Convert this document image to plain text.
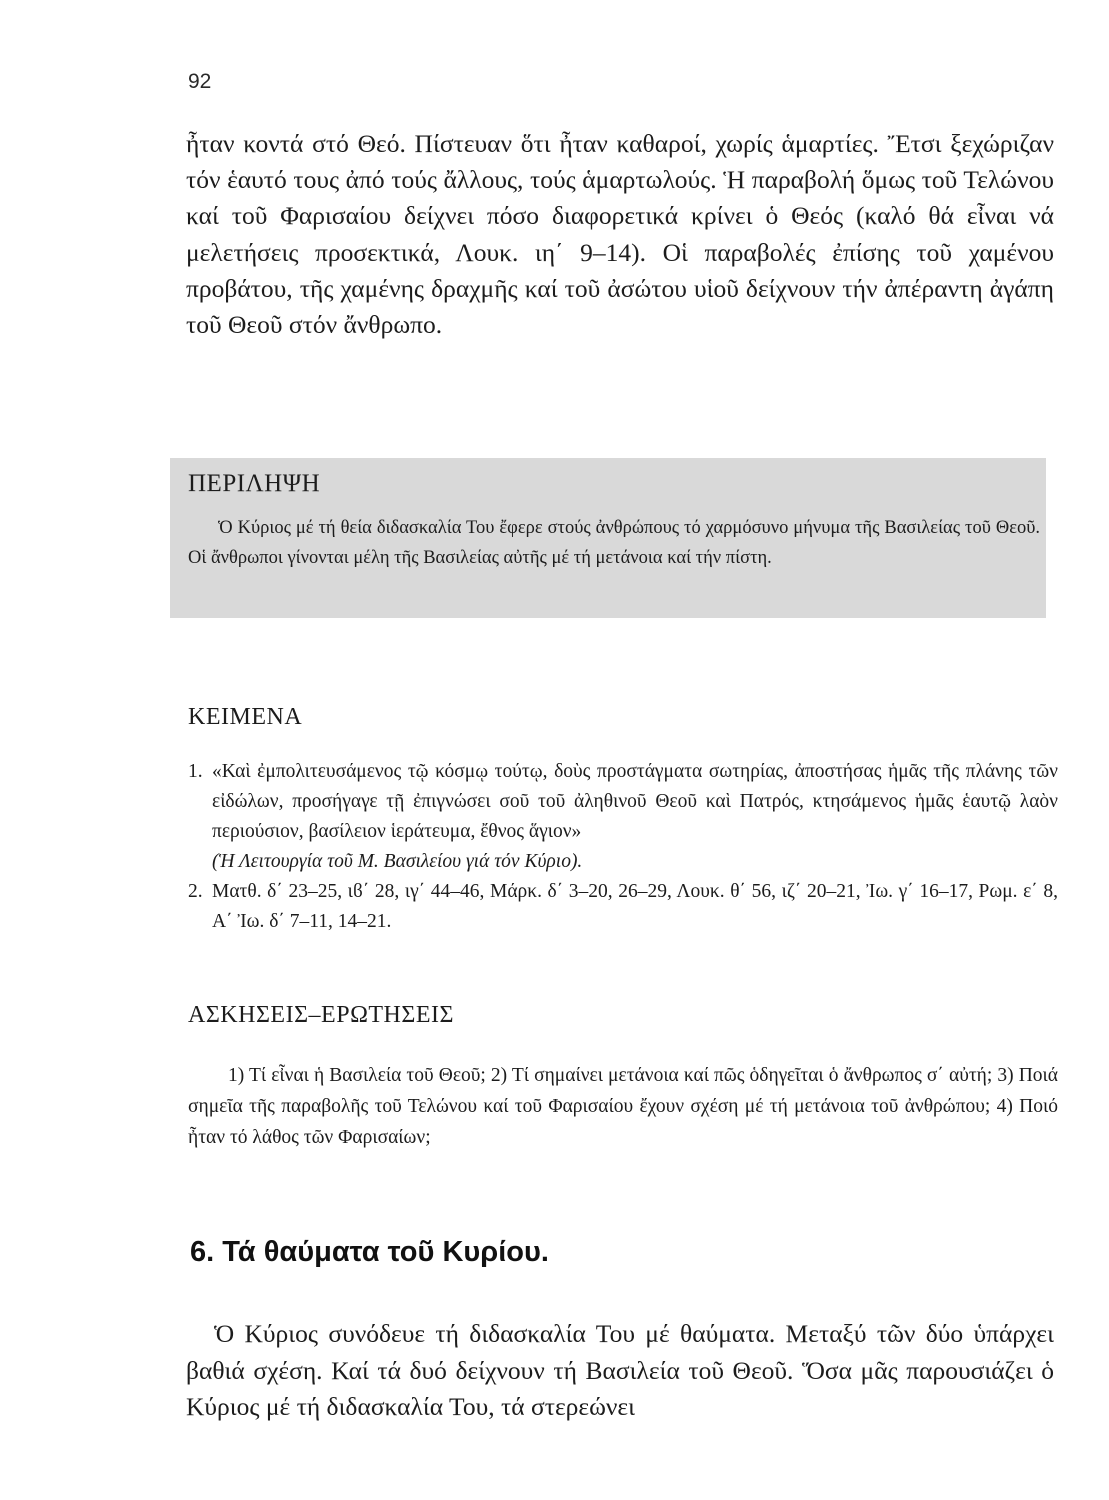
92

ἦταν κοντά στό Θεό. Πίστευαν ὅτι ἦταν καθαροί, χωρίς ἁμαρτίες. Ἔτσι ξεχώριζαν τόν ἑαυτό τους ἀπό τούς ἄλλους, τούς ἁμαρτωλούς. Ἡ παραβολή ὅμως τοῦ Τελώνου καί τοῦ Φαρισαίου δείχνει πόσο διαφορετικά κρίνει ὁ Θεός (καλό θά εἶναι νά μελετήσεις προσεκτικά, Λουκ. ιη΄ 9–14). Οἱ παραβολές ἐπίσης τοῦ χαμένου προβάτου, τῆς χαμένης δραχμῆς καί τοῦ ἀσώτου υἱοῦ δείχνουν τήν ἀπέραντη ἀγάπη τοῦ Θεοῦ στόν ἄνθρωπο.

ΠΕΡΙΛΗΨΗ

Ὁ Κύριος μέ τή θεία διδασκαλία Του ἔφερε στούς ἀνθρώπους τό χαρμόσυνο μήνυμα τῆς Βασιλείας τοῦ Θεοῦ. Οἱ ἄνθρωποι γίνονται μέλη τῆς Βασιλείας αὐτῆς μέ τή μετάνοια καί τήν πίστη.

ΚΕΙΜΕΝΑ
1. «Καὶ ἐμπολιτευσάμενος τῷ κόσμῳ τούτῳ, δοὺς προστάγματα σωτηρίας, ἀποστήσας ἡμᾶς τῆς πλάνης τῶν εἰδώλων, προσήγαγε τῇ ἐπιγνώσει σοῦ τοῦ ἀληθινοῦ Θεοῦ καὶ Πατρός, κτησάμενος ἡμᾶς ἑαυτῷ λαὸν περιούσιον, βασίλειον ἱεράτευμα, ἔθνος ἅγιον»
(Ἡ Λειτουργία τοῦ Μ. Βασιλείου γιά τόν Κύριο).
2. Ματθ. δ΄ 23–25, ιϐ΄ 28, ιγ΄ 44–46, Μάρκ. δ΄ 3–20, 26–29, Λουκ. θ΄ 56, ιζ΄ 20–21, Ἰω. γ΄ 16–17, Ρωμ. ε΄ 8, Α΄ Ἰω. δ΄ 7–11, 14–21.
ΑΣΚΗΣΕΙΣ–ΕΡΩΤΗΣΕΙΣ

1) Τί εἶναι ἡ Βασιλεία τοῦ Θεοῦ; 2) Τί σημαίνει μετάνοια καί πῶς ὁδηγεῖται ὁ ἄνθρωπος σ΄ αὐτή; 3) Ποιά σημεῖα τῆς παραβολῆς τοῦ Τελώνου καί τοῦ Φαρισαίου ἔχουν σχέση μέ τή μετάνοια τοῦ ἀνθρώπου; 4) Ποιό ἦταν τό λάθος τῶν Φαρισαίων;

6. Τά θαύματα τοῦ Κυρίου.

Ὁ Κύριος συνόδευε τή διδασκαλία Του μέ θαύματα. Μεταξύ τῶν δύο ὑπάρχει βαθιά σχέση. Καί τά δυό δείχνουν τή Βασιλεία τοῦ Θεοῦ. Ὅσα μᾶς παρουσιάζει ὁ Κύριος μέ τή διδασκαλία Του, τά στερεώνει
